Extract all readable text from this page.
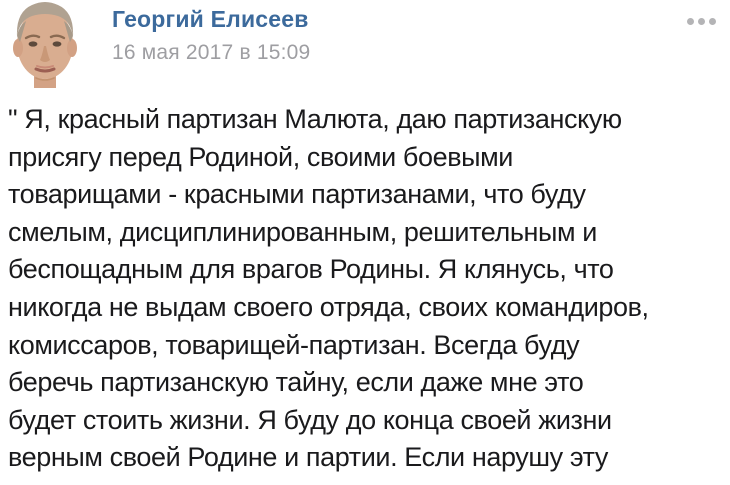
Георгий Елисеев
16 мая 2017 в 15:09
" Я, красный партизан Малюта, даю партизанскую
присягу перед Родиной, своими боевыми
товарищами - красными партизанами, что буду
смелым, дисциплинированным, решительным и
беспощадным для врагов Родины. Я клянусь, что
никогда не выдам своего отряда, своих командиров,
комиссаров, товарищей-партизан. Всегда буду
беречь партизанскую тайну, если даже мне это
будет стоить жизни. Я буду до конца своей жизни
верным своей Родине и партии. Если нарушу эту
